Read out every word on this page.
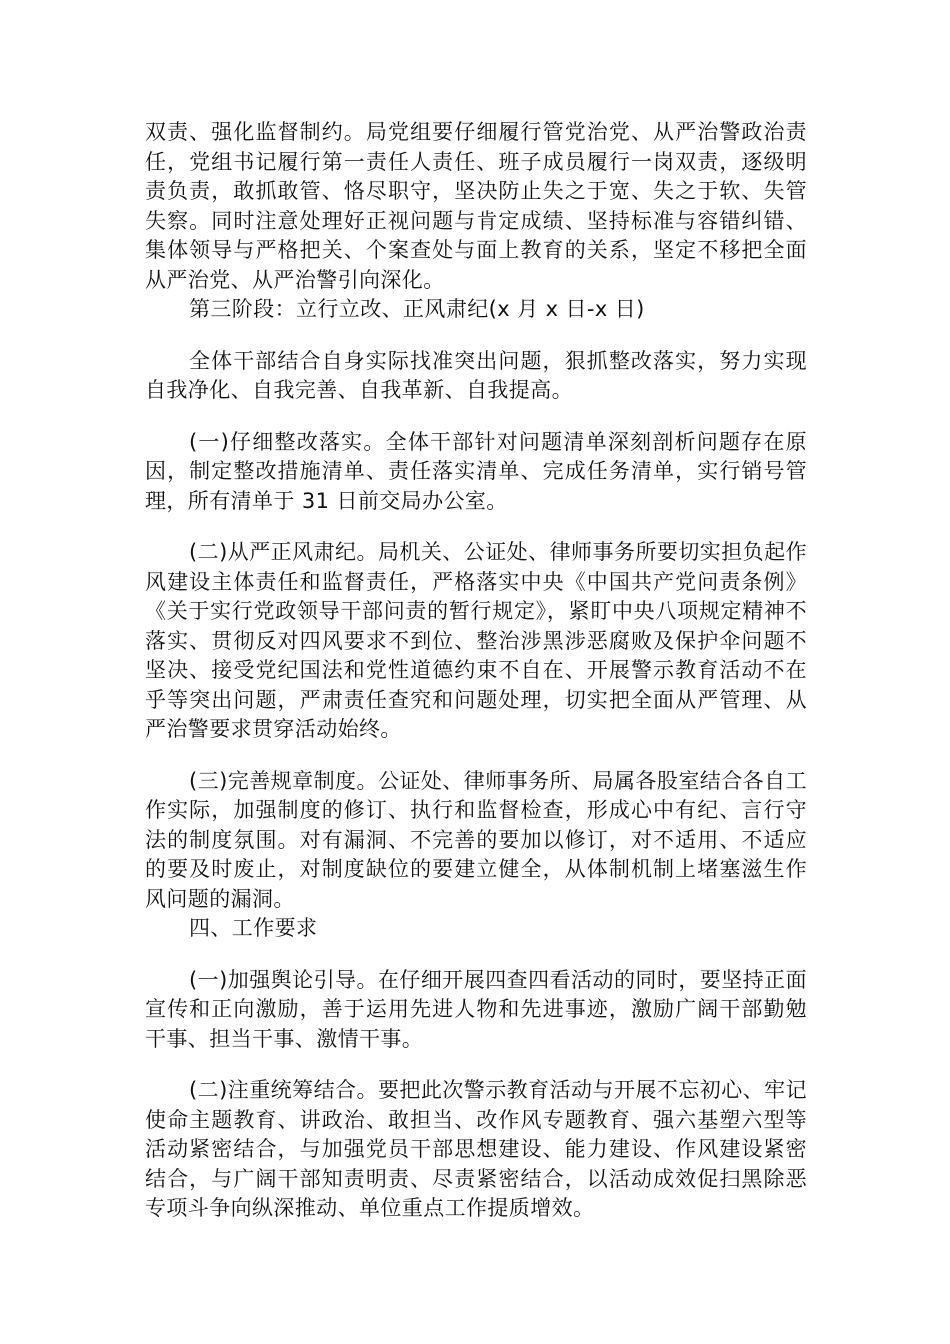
双责、强化监督制约。局党组要仔细履行管党治党、从严治警政治责任，党组书记履行第一责任人责任、班子成员履行一岗双责，逐级明责负责，敢抓敢管、恪尽职守，坚决防止失之于宽、失之于软、失管失察。同时注意处理好正视问题与肯定成绩、坚持标准与容错纠错、集体领导与严格把关、个案查处与面上教育的关系，坚定不移把全面从严治党、从严治警引向深化。

第三阶段：立行立改、正风肃纪(x 月 x 日-x 日)

全体干部结合自身实际找准突出问题，狠抓整改落实，努力实现自我净化、自我完善、自我革新、自我提高。

(一)仔细整改落实。全体干部针对问题清单深刻剖析问题存在原因，制定整改措施清单、责任落实清单、完成任务清单，实行销号管理，所有清单于 31 日前交局办公室。

(二)从严正风肃纪。局机关、公证处、律师事务所要切实担负起作风建设主体责任和监督责任，严格落实中央《中国共产党问责条例》《关于实行党政领导干部问责的暂行规定》，紧盯中央八项规定精神不落实、贯彻反对四风要求不到位、整治涉黑涉恶腐败及保护伞问题不坚决、接受党纪国法和党性道德约束不自在、开展警示教育活动不在乎等突出问题，严肃责任查究和问题处理，切实把全面从严管理、从严治警要求贯穿活动始终。

(三)完善规章制度。公证处、律师事务所、局属各股室结合各自工作实际，加强制度的修订、执行和监督检查，形成心中有纪、言行守法的制度氛围。对有漏洞、不完善的要加以修订，对不适用、不适应的要及时废止，对制度缺位的要建立健全，从体制机制上堵塞滋生作风问题的漏洞。

四、工作要求

(一)加强舆论引导。在仔细开展四查四看活动的同时，要坚持正面宣传和正向激励，善于运用先进人物和先进事迹，激励广阔干部勤勉干事、担当干事、激情干事。

(二)注重统筹结合。要把此次警示教育活动与开展不忘初心、牢记使命主题教育、讲政治、敢担当、改作风专题教育、强六基塑六型等活动紧密结合，与加强党员干部思想建设、能力建设、作风建设紧密结合，与广阔干部知责明责、尽责紧密结合，以活动成效促扫黑除恶专项斗争向纵深推动、单位重点工作提质增效。
